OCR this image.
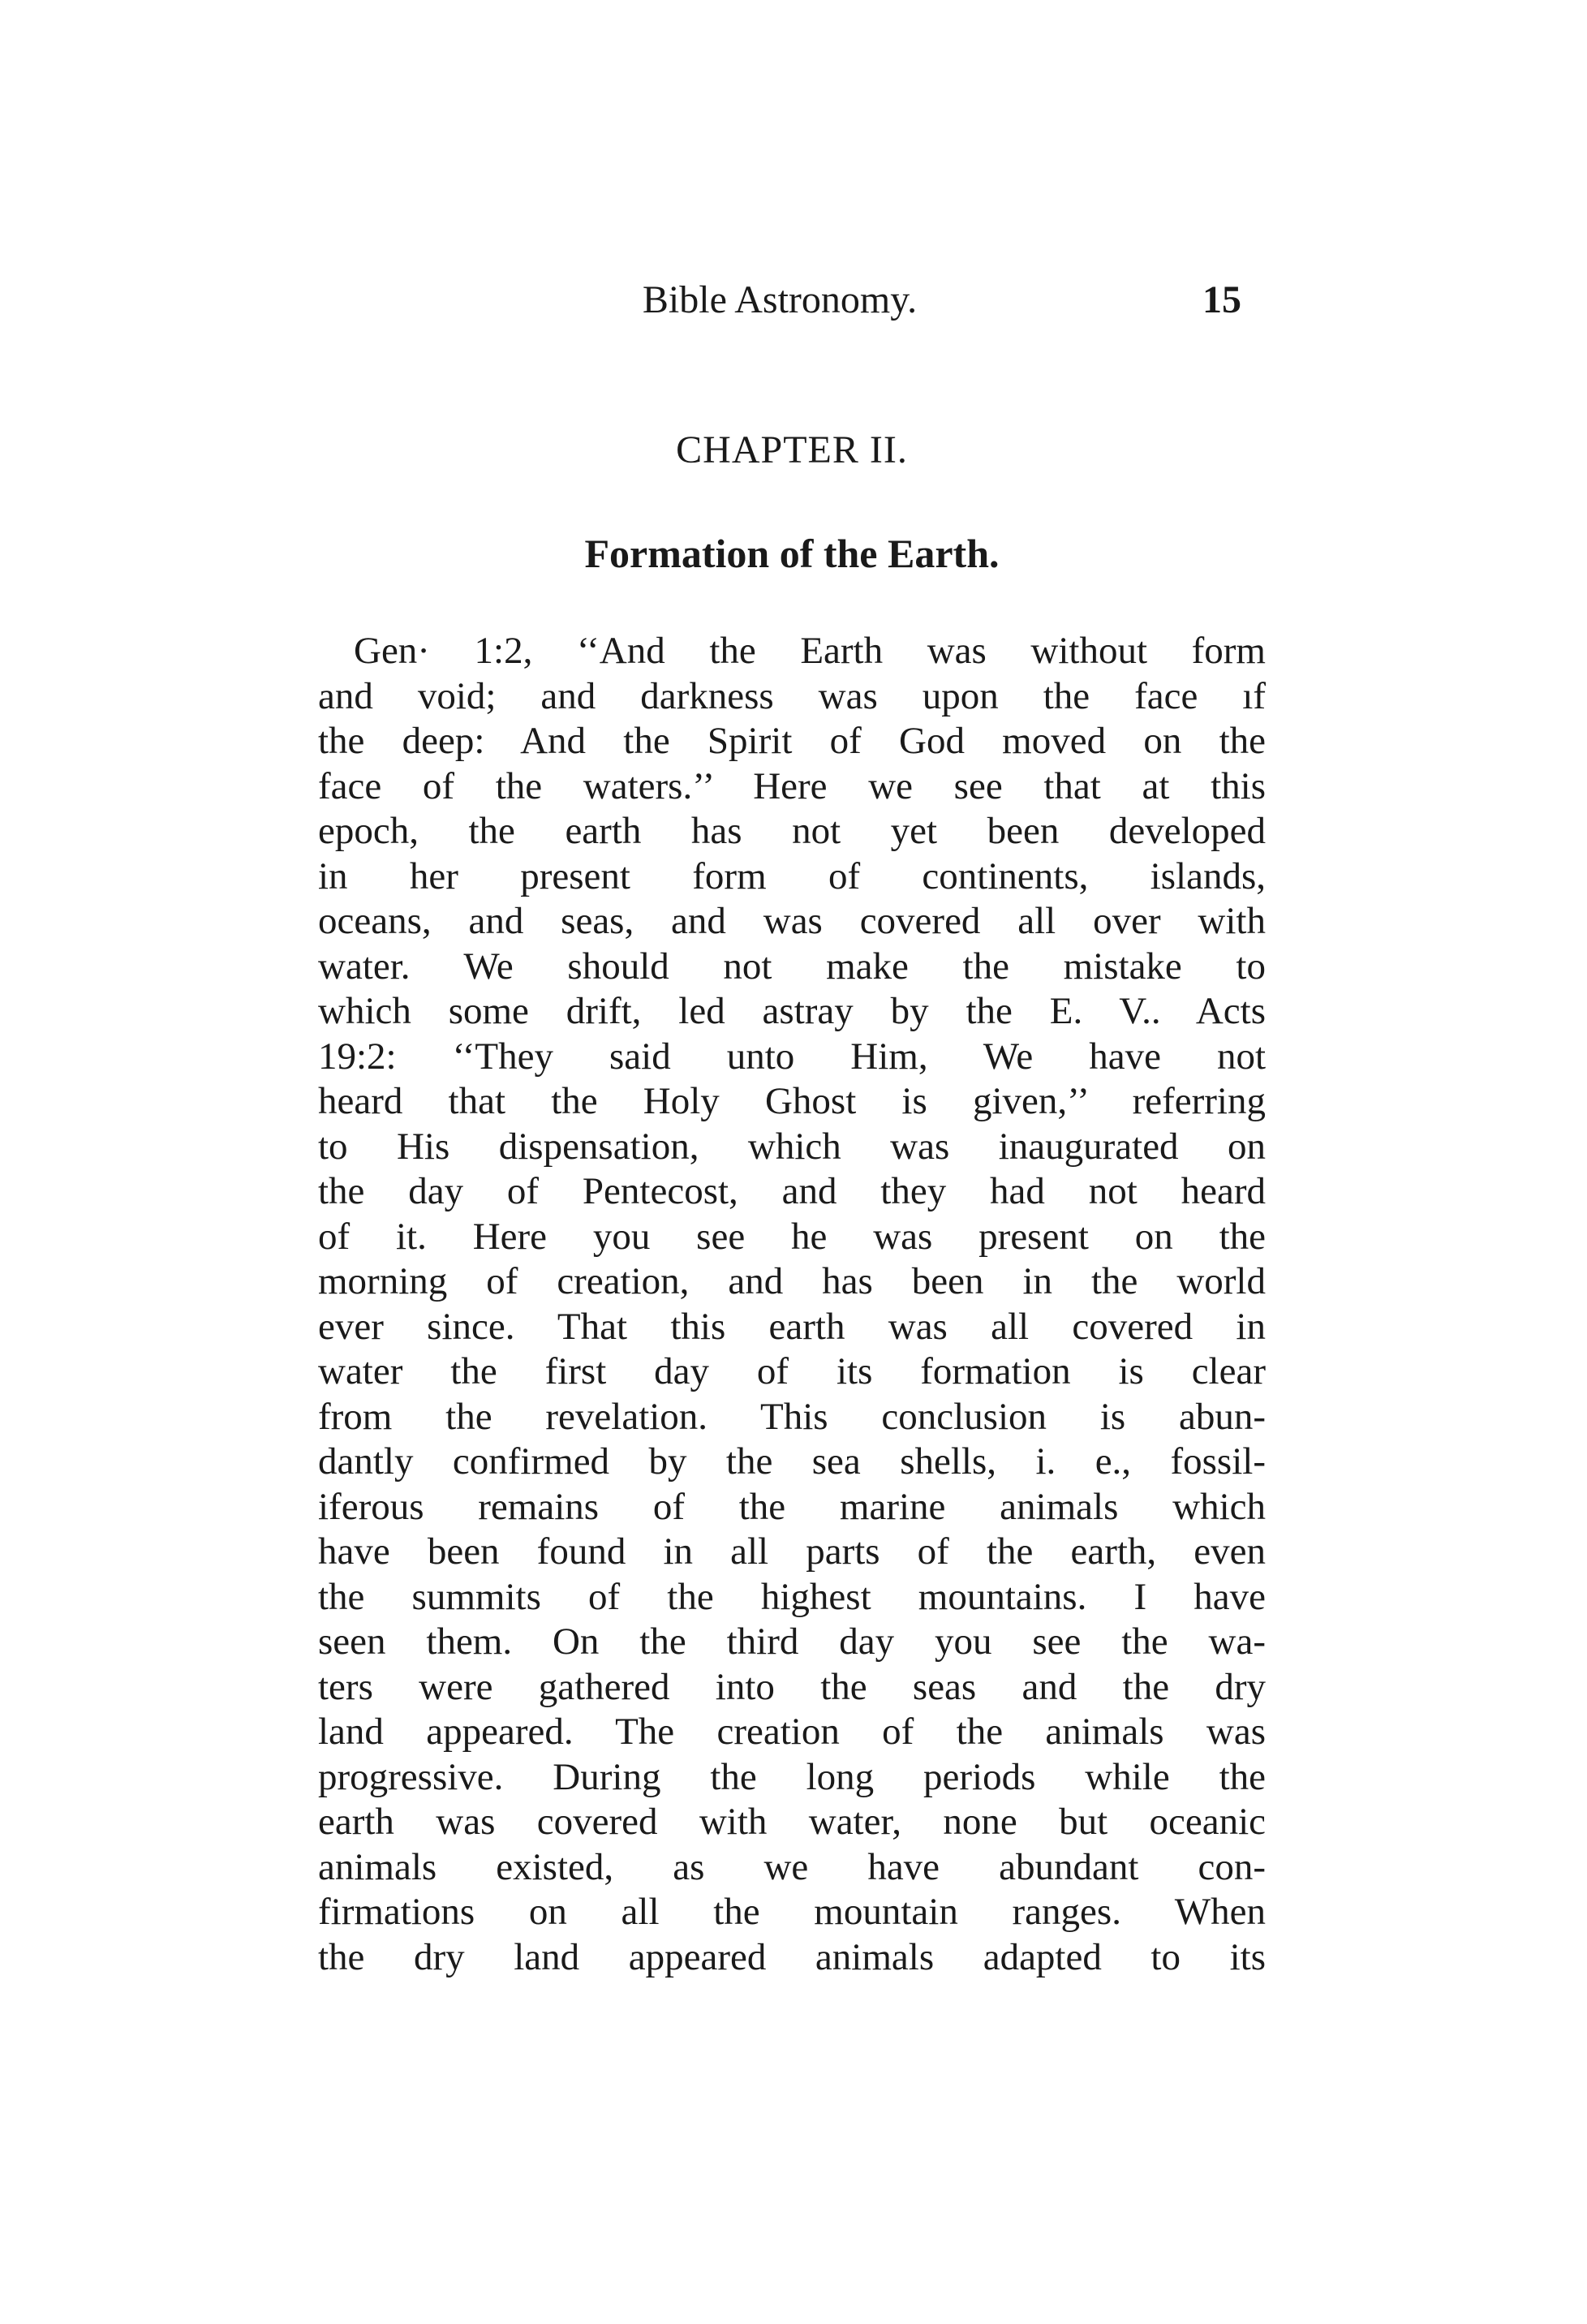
Bible Astronomy.	15
CHAPTER II.
Formation of the Earth.
Gen· 1:2, ‘‘And the Earth was without form
and void; and darkness was upon the face ıf
the deep: And the Spirit of God moved on the
face of the waters.’’ Here we see that at this
epoch, the earth has not yet been developed
in her present form of continents, islands,
oceans, and seas, and was covered all over with
water. We should not make the mistake to
which some drift, led astray by the E. V.. Acts
19:2: ‘‘They said unto Him, We have not
heard that the Holy Ghost is given,’’ referring
to His dispensation, which was inaugurated on
the day of Pentecost, and they had not heard
of it. Here you see he was present on the
morning of creation, and has been in the world
ever since. That this earth was all covered in
water the first day of its formation is clear
from the revelation. This conclusion is abun-
dantly confirmed by the sea shells, i. e., fossil-
iferous remains of the marine animals which
have been found in all parts of the earth, even
the summits of the highest mountains. I have
seen them. On the third day you see the wa-
ters were gathered into the seas and the dry
land appeared. The creation of the animals was
progressive. During the long periods while the
earth was covered with water, none but oceanic
animals existed, as we have abundant con-
firmations on all the mountain ranges. When
the dry land appeared animals adapted to its
